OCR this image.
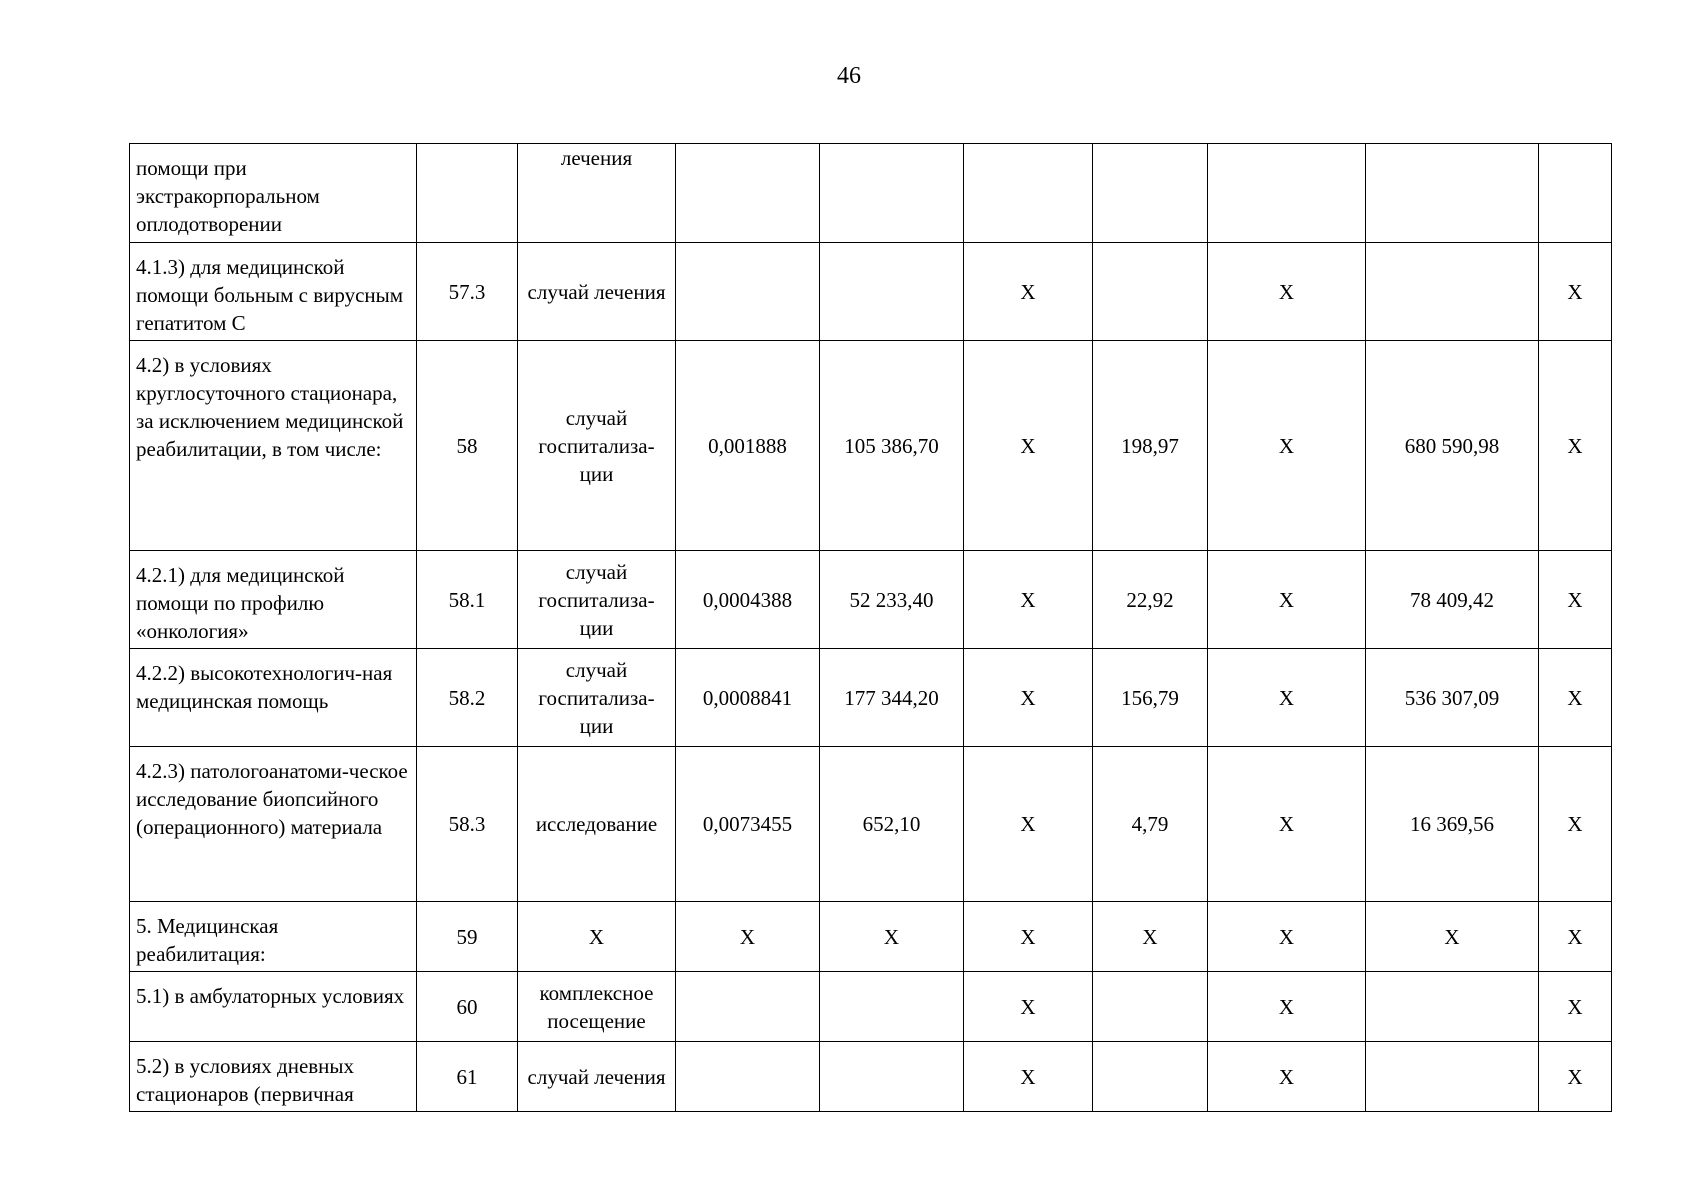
46
помощи при экстракорпоральном оплодотворении		лечения							
4.1.3) для медицинской помощи больным с вирусным гепатитом С	57.3	случай лечения			X		X		X
4.2) в условиях круглосуточного стационара, за исключением медицинской реабилитации, в том числе:	58	случай госпитализа-ции	0,001888	105 386,70	X	198,97	X	680 590,98	X
4.2.1) для медицинской помощи по профилю «онкология»	58.1	случай госпитализа-ции	0,0004388	52 233,40	X	22,92	X	78 409,42	X
4.2.2) высокотехнологич-ная медицинская помощь	58.2	случай госпитализа-ции	0,0008841	177 344,20	X	156,79	X	536 307,09	X
4.2.3) патологоанатоми-ческое исследование биопсийного (операционного) материала	58.3	исследование	0,0073455	652,10	X	4,79	X	16 369,56	X
5. Медицинская реабилитация:	59	X	X	X	X	X	X	X	X
5.1) в амбулаторных условиях	60	комплексное посещение			X		X		X
5.2) в условиях дневных стационаров (первичная	61	случай лечения			X		X		X
